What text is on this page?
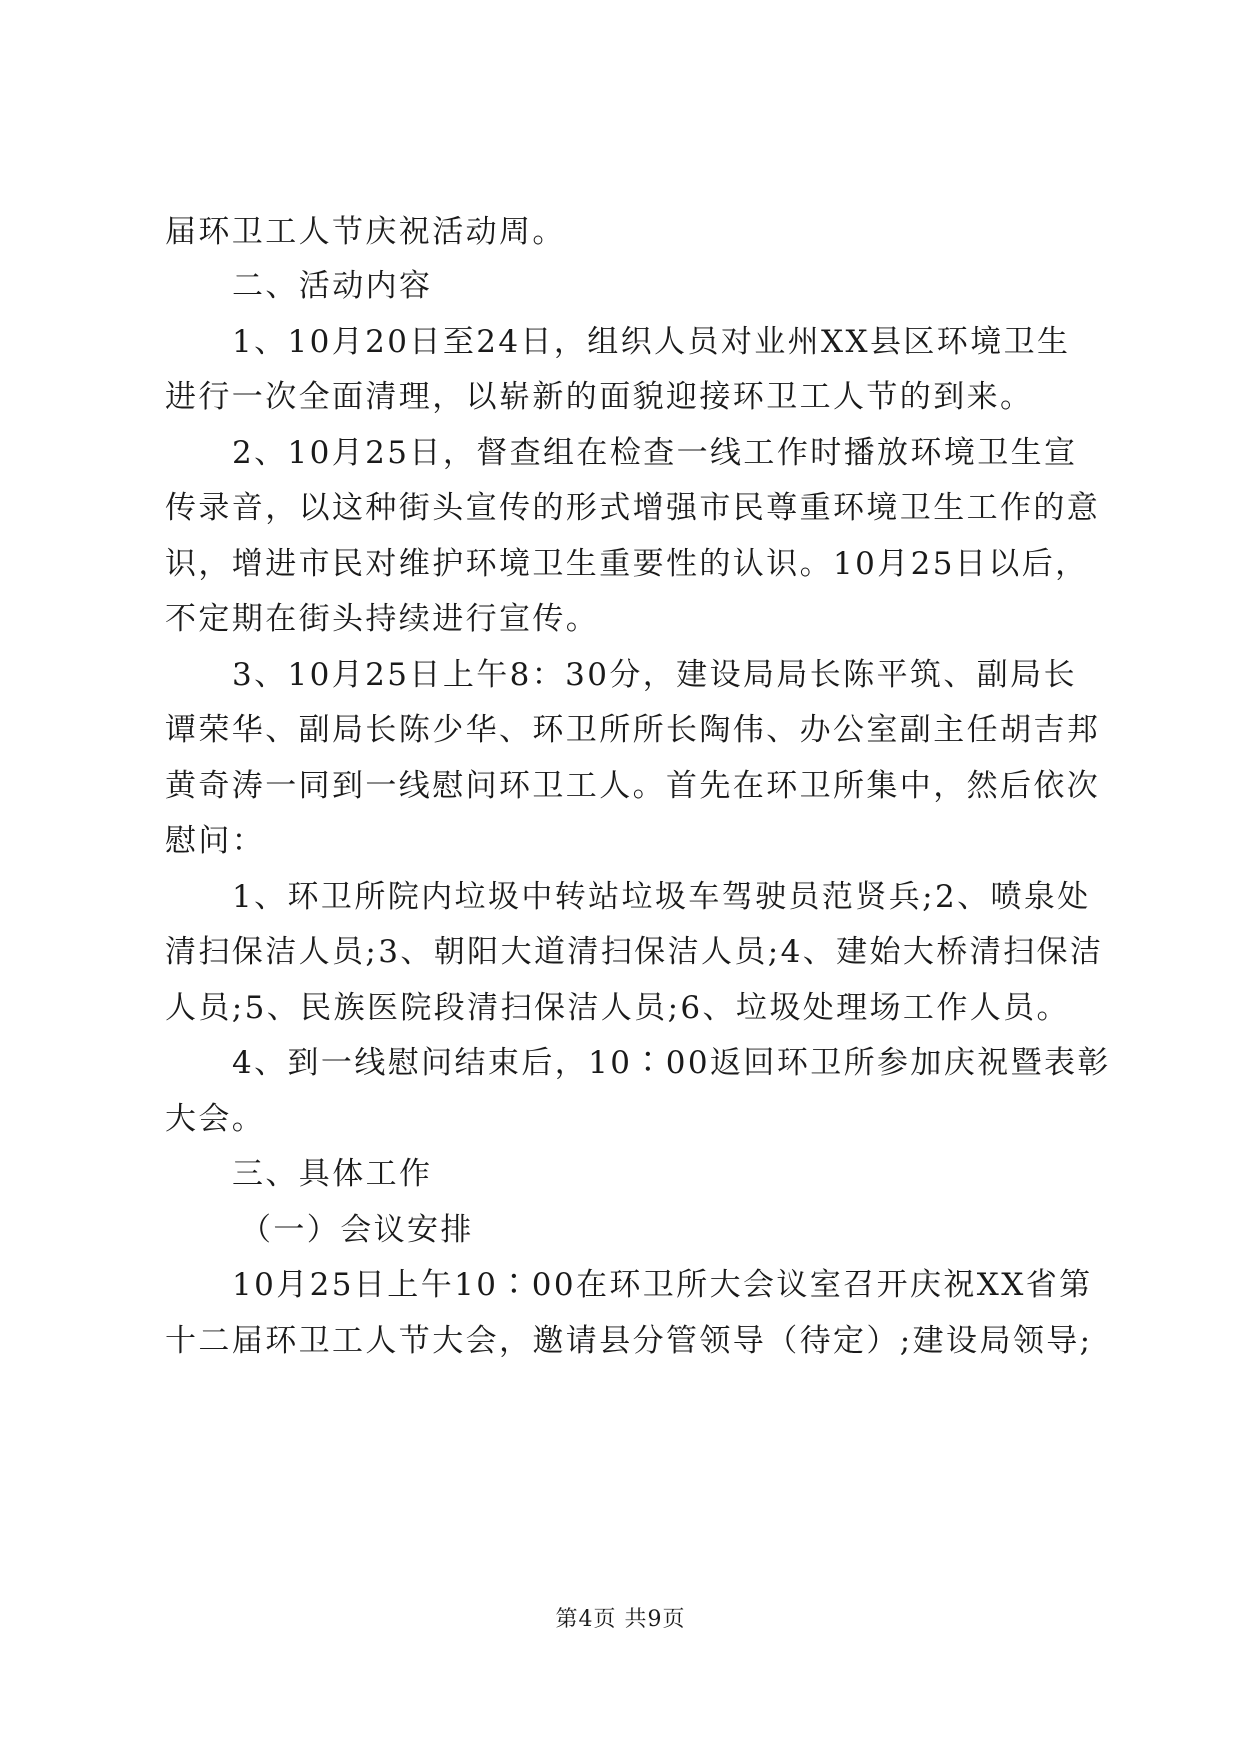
届环卫工人节庆祝活动周。
二、活动内容
1、10月20日至24日，组织人员对业州XX县区环境卫生
进行一次全面清理，以崭新的面貌迎接环卫工人节的到来。
2、10月25日，督查组在检查一线工作时播放环境卫生宣
传录音，以这种街头宣传的形式增强市民尊重环境卫生工作的意
识，增进市民对维护环境卫生重要性的认识。10月25日以后，
不定期在街头持续进行宣传。
3、10月25日上午8：30分，建设局局长陈平筑、副局长
谭荣华、副局长陈少华、环卫所所长陶伟、办公室副主任胡吉邦
黄奇涛一同到一线慰问环卫工人。首先在环卫所集中，然后依次
慰问：
1、环卫所院内垃圾中转站垃圾车驾驶员范贤兵;2、喷泉处
清扫保洁人员;3、朝阳大道清扫保洁人员;4、建始大桥清扫保洁
人员;5、民族医院段清扫保洁人员;6、垃圾处理场工作人员。
4、到一线慰问结束后，10∶00返回环卫所参加庆祝暨表彰
大会。
三、具体工作
（一）会议安排
10月25日上午10∶00在环卫所大会议室召开庆祝XX省第
十二届环卫工人节大会，邀请县分管领导（待定）;建设局领导;
第4页 共9页
